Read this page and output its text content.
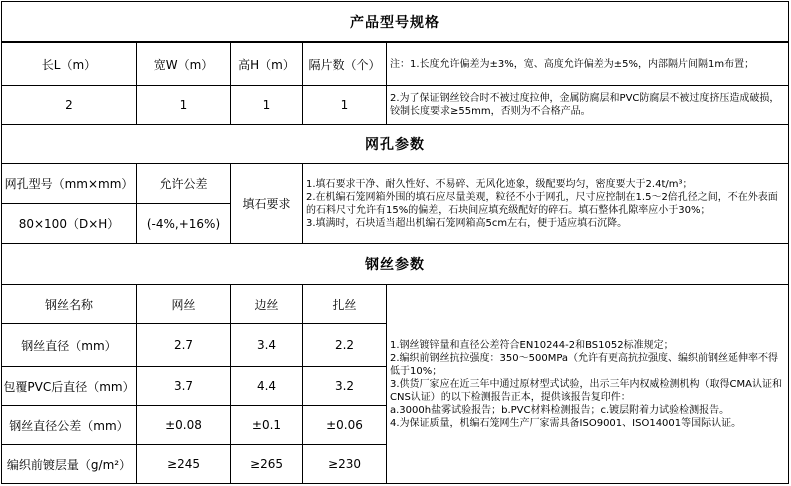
产品型号规格
长L（m）	宽W（m）	高H（m）	隔片数（个）
2	1	1	1
注：1.长度允许偏差为±3%，宽、高度允许偏差为±5%，内部隔片间隔1m布置；
2.为了保证钢丝铰合时不被过度拉伸，金属防腐层和PVC防腐层不被过度挤压造成破损，铰制长度要求≥55mm，否则为不合格产品。
网孔参数
网孔型号（mm×mm）	允许公差
80×100（D×H）	(-4%,+16%)
填石要求
1.填石要求干净、耐久性好、不易碎、无风化迹象，级配要均匀，密度要大于2.4t/m³；
2.在机编石笼网箱外围的填石应尽量美观，粒径不小于网孔，尺寸应控制在1.5～2倍孔径之间，不在外表面的石料尺寸允许有15%的偏差，石块间应填充级配好的碎石。填石整体孔隙率应小于30%；
3.填满时，石块适当超出机编石笼网箱高5cm左右，便于适应填石沉降。
钢丝参数
钢丝名称	网丝	边丝	扎丝
钢丝直径（mm）	2.7	3.4	2.2
包覆PVC后直径（mm）	3.7	4.4	3.2
钢丝直径公差（mm）	±0.08	±0.1	±0.06
编织前镀层量（g/m²）	≥245	≥265	≥230
1.钢丝镀锌量和直径公差符合EN10244-2和BS1052标准规定；
2.编织前钢丝抗拉强度：350～500MPa（允许有更高抗拉强度、编织前钢丝延伸率不得低于10%；
3.供货厂家应在近三年中通过原材型式试验，出示三年内权威检测机构（取得CMA认证和CNS认证）的以下检测报告正本，提供该报告复印件：
a.3000h盐雾试验报告；b.PVC材料检测报告；c.镀层附着力试验检测报告。
4.为保证质量，机编石笼网生产厂家需具备ISO9001、ISO14001等国际认证。
